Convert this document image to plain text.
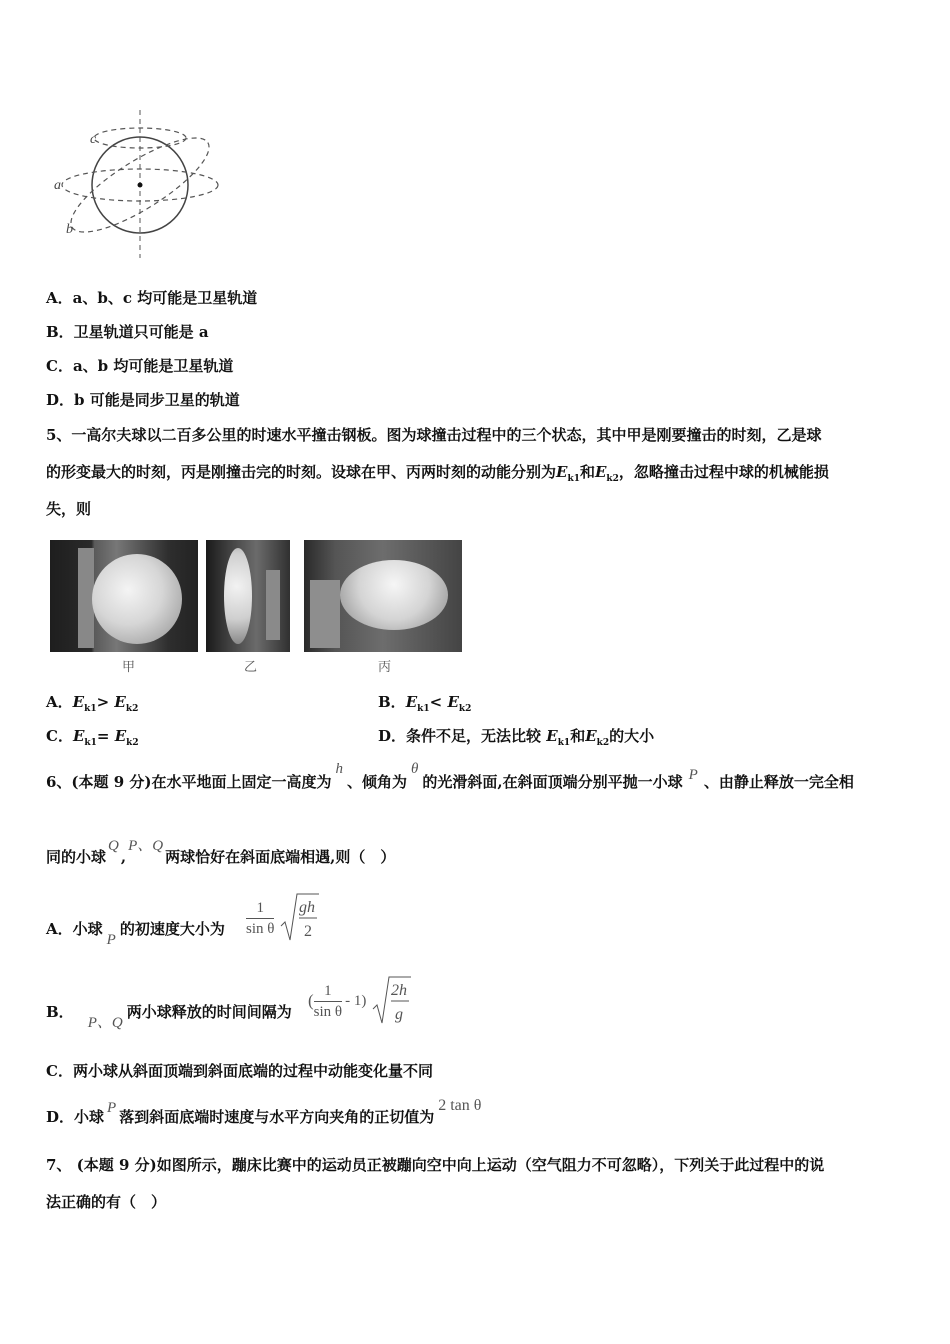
c
a
b
A．a、b、c 均可能是卫星轨道
B．卫星轨道只可能是 a
C．a、b 均可能是卫星轨道
D．b 可能是同步卫星的轨道
5、一高尔夫球以二百多公里的时速水平撞击钢板。图为球撞击过程中的三个状态，其中甲是刚要撞击的时刻，乙是球
的形变最大的时刻，丙是刚撞击完的时刻。设球在甲、丙两时刻的动能分别为$E_{k1}$和$E_{k2}$，忽略撞击过程中球的机械能损
失，则
甲	乙	丙
A．$E_{k1}> E_{k2}$	B．$E_{k1}< E_{k2}$
C．$E_{k1}= E_{k2}$	D．条件不足，无法比较 $E_{k1}$和$E_{k2}$的大小
6、(本题 9 分)在水平地面上固定一高度为h、倾角为θ的光滑斜面,在斜面顶端分别平抛一小球 P 、由静止释放一完全相
同的小球Q,P、Q两球恰好在斜面底端相遇,则（　）
A．小球P的初速度大小为 $\frac{1}{\text{sin θ}}$
gh
2
B．P、Q两小球释放的时间间隔为
( $\frac{1}{\text{sin θ}} - 1$)
2h
g
C．两小球从斜面顶端到斜面底端的过程中动能变化量不同
D．小球 P 落到斜面底端时速度与水平方向夹角的正切值为2 tan θ
7、 (本题 9 分)如图所示，蹦床比赛中的运动员正被蹦向空中向上运动（空气阻力不可忽略），下列关于此过程中的说
法正确的有（　）
